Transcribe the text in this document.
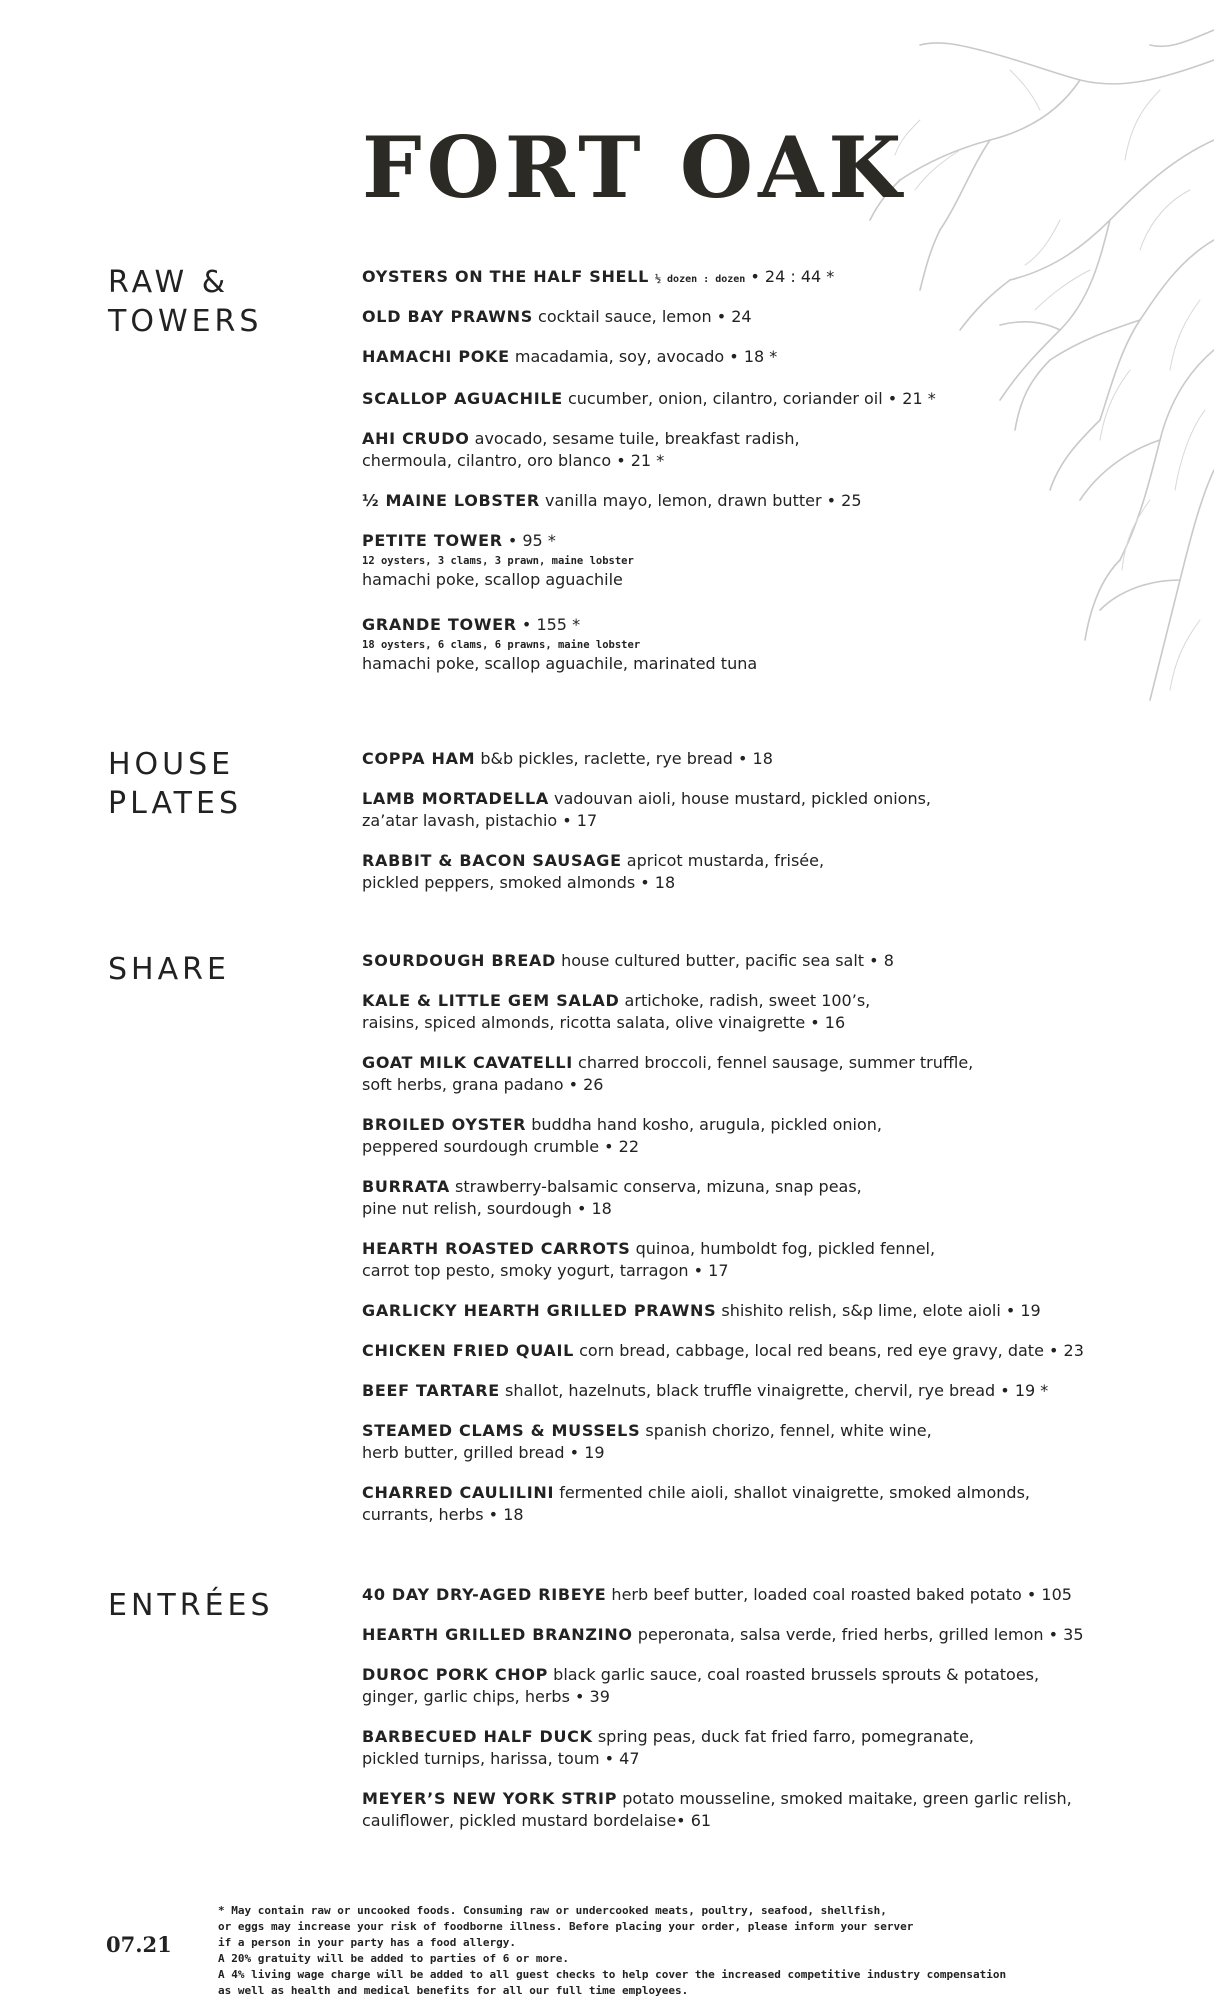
FORT OAK
RAW &
TOWERS
OYSTERS ON THE HALF SHELL ½ dozen : dozen • 24 : 44 *
OLD BAY PRAWNS cocktail sauce, lemon • 24
HAMACHI POKE macadamia, soy, avocado • 18 *
SCALLOP AGUACHILE cucumber, onion, cilantro, coriander oil • 21 *
AHI CRUDO avocado, sesame tuile, breakfast radish,
chermoula, cilantro, oro blanco • 21 *
½ MAINE LOBSTER vanilla mayo, lemon, drawn butter • 25
PETITE TOWER • 95 *
12 oysters, 3 clams, 3 prawn, maine lobster
hamachi poke, scallop aguachile
GRANDE TOWER • 155 *
18 oysters, 6 clams, 6 prawns, maine lobster
hamachi poke, scallop aguachile, marinated tuna
HOUSE
PLATES
COPPA HAM b&b pickles, raclette, rye bread • 18
LAMB MORTADELLA vadouvan aioli, house mustard, pickled onions,
za’atar lavash, pistachio • 17
RABBIT & BACON SAUSAGE apricot mustarda, frisée,
pickled peppers, smoked almonds • 18
SHARE	SOURDOUGH BREAD house cultured butter, pacific sea salt • 8
KALE & LITTLE GEM SALAD artichoke, radish, sweet 100’s,
raisins, spiced almonds, ricotta salata, olive vinaigrette • 16
GOAT MILK CAVATELLI charred broccoli, fennel sausage, summer truffle,
soft herbs, grana padano • 26
BROILED OYSTER buddha hand kosho, arugula, pickled onion,
peppered sourdough crumble • 22
BURRATA strawberry-balsamic conserva, mizuna, snap peas,
pine nut relish, sourdough • 18
HEARTH ROASTED CARROTS quinoa, humboldt fog, pickled fennel,
carrot top pesto, smoky yogurt, tarragon • 17
GARLICKY HEARTH GRILLED PRAWNS shishito relish, s&p lime, elote aioli • 19
CHICKEN FRIED QUAIL corn bread, cabbage, local red beans, red eye gravy, date • 23
BEEF TARTARE shallot, hazelnuts, black truffle vinaigrette, chervil, rye bread • 19 *
STEAMED CLAMS & MUSSELS spanish chorizo, fennel, white wine,
herb butter, grilled bread • 19
CHARRED CAULILINI fermented chile aioli, shallot vinaigrette, smoked almonds,
currants, herbs • 18
ENTRÉES	40 DAY DRY-AGED RIBEYE herb beef butter, loaded coal roasted baked potato • 105
HEARTH GRILLED BRANZINO peperonata, salsa verde, fried herbs, grilled lemon • 35
DUROC PORK CHOP black garlic sauce, coal roasted brussels sprouts & potatoes,
ginger, garlic chips, herbs • 39
BARBECUED HALF DUCK spring peas, duck fat fried farro, pomegranate,
pickled turnips, harissa, toum • 47
MEYER’S NEW YORK STRIP potato mousseline, smoked maitake, green garlic relish,
cauliflower, pickled mustard bordelaise• 61
07.21
* May contain raw or uncooked foods. Consuming raw or undercooked meats, poultry, seafood, shellfish,
or eggs may increase your risk of foodborne illness. Before placing your order, please inform your server
if a person in your party has a food allergy.
A 20% gratuity will be added to parties of 6 or more.
A 4% living wage charge will be added to all guest checks to help cover the increased competitive industry compensation
as well as health and medical benefits for all our full time employees.
